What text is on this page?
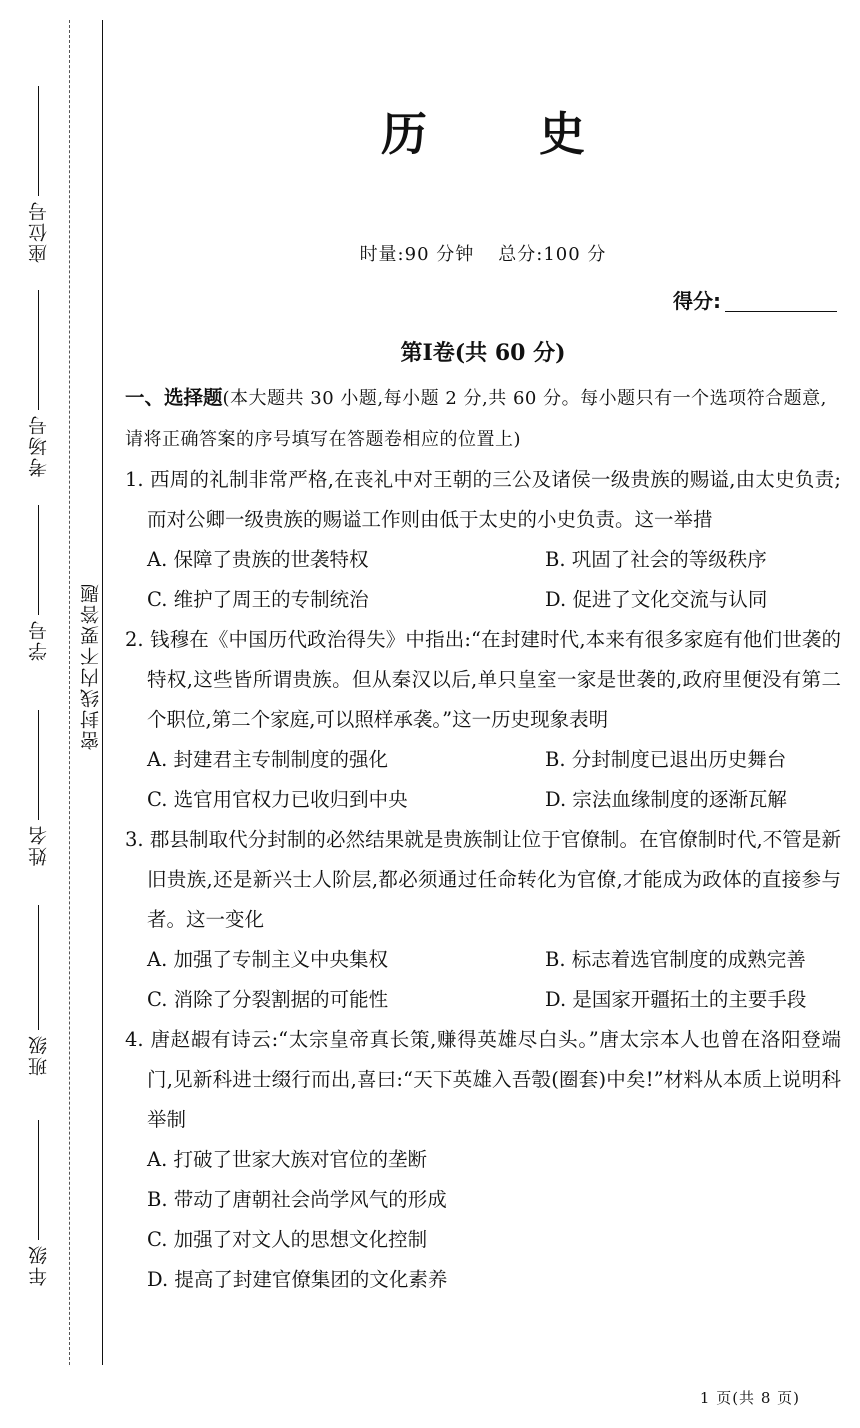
座位号
考场号
学号
姓名
班级
年级
密封线内不要答题
历 史
时量:90 分钟 总分:100 分
得分:
第Ⅰ卷(共 60 分)
一、选择题(本大题共 30 小题,每小题 2 分,共 60 分。每小题只有一个选项符合题意,请将正确答案的序号填写在答题卷相应的位置上)
1. 西周的礼制非常严格,在丧礼中对王朝的三公及诸侯一级贵族的赐谥,由太史负责;而对公卿一级贵族的赐谥工作则由低于太史的小史负责。这一举措
A. 保障了贵族的世袭特权	B. 巩固了社会的等级秩序
C. 维护了周王的专制统治	D. 促进了文化交流与认同
2. 钱穆在《中国历代政治得失》中指出:“在封建时代,本来有很多家庭有他们世袭的特权,这些皆所谓贵族。但从秦汉以后,单只皇室一家是世袭的,政府里便没有第二个职位,第二个家庭,可以照样承袭。”这一历史现象表明
A. 封建君主专制制度的强化	B. 分封制度已退出历史舞台
C. 选官用官权力已收归到中央	D. 宗法血缘制度的逐渐瓦解
3. 郡县制取代分封制的必然结果就是贵族制让位于官僚制。在官僚制时代,不管是新旧贵族,还是新兴士人阶层,都必须通过任命转化为官僚,才能成为政体的直接参与者。这一变化
A. 加强了专制主义中央集权	B. 标志着选官制度的成熟完善
C. 消除了分裂割据的可能性	D. 是国家开疆拓土的主要手段
4. 唐赵嘏有诗云:“太宗皇帝真长策,赚得英雄尽白头。”唐太宗本人也曾在洛阳登端门,见新科进士缀行而出,喜曰:“天下英雄入吾彀(圈套)中矣!”材料从本质上说明科举制
A. 打破了世家大族对官位的垄断
B. 带动了唐朝社会尚学风气的形成
C. 加强了对文人的思想文化控制
D. 提高了封建官僚集团的文化素养
1 页(共 8 页)
